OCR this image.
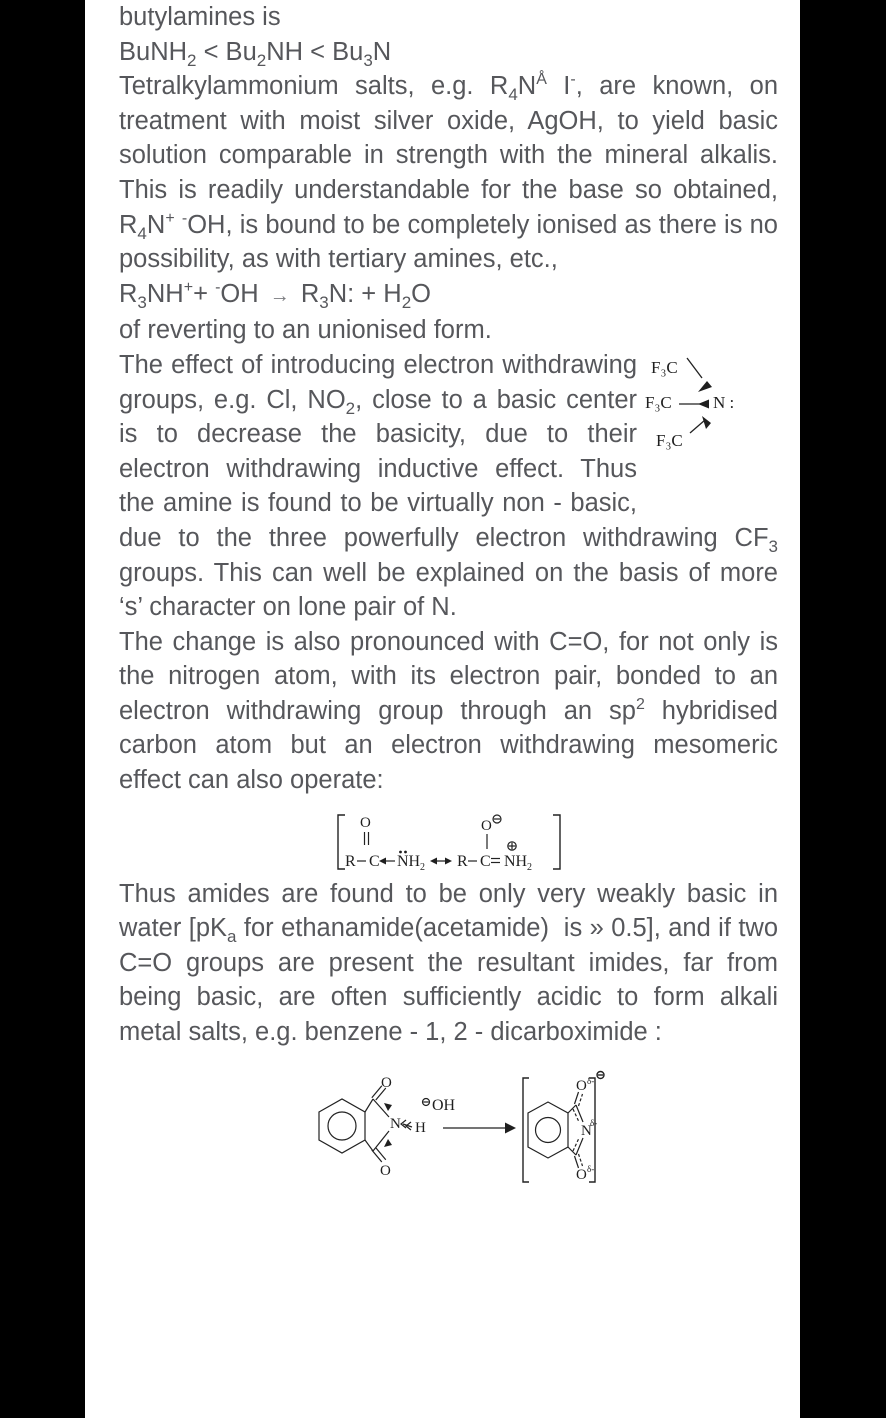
butylamines is

BuNH$_2$ < $Bu_2NH < Bu_3N$

Tetralkylammonium salts, e.g. $R_4N^Å$ I-, are known, on treatment with moist silver oxide, AgOH, to yield basic solution comparable in strength with the mineral alkalis. This is readily understandable for the base so obtained, $R_4N^+$ -OH, is bound to be completely ionised as there is no possibility, as with tertiary amines, etc.,

$R_3NH^++ ^-OH \to R_3N$: + $H_2O$

of reverting to an unionised form.

F₃C
F₃C
F₃C
N :
The effect of introducing electron withdrawing groups, e.g. Cl, $NO_2$, close to a basic center is to decrease the basicity, due to their electron withdrawing inductive effect. Thus the amine is found to be virtually non - basic, due to the three powerfully electron withdrawing $CF_3$ groups. This can well be explained on the basis of more ‘s’ character on lone pair of N.

The change is also pronounced with C=O, for not only is the nitrogen atom, with its electron pair, bonded to an electron withdrawing group through an $sp^2$ hybridised carbon atom but an electron withdrawing mesomeric effect can also operate:

O
R C NH 2 R C
O
NH 2

Thus amides are found to be only very weakly basic in water [$pK_a$ for ethanamide(acetamide)  is » 0.5], and if two C=O groups are present the resultant imides, far from being basic, are often sufficiently acidic to form alkali metal salts, e.g. benzene - 1, 2 - dicarboximide :

O
O
N H
OH
O δ-
O δ-
N
δ-
